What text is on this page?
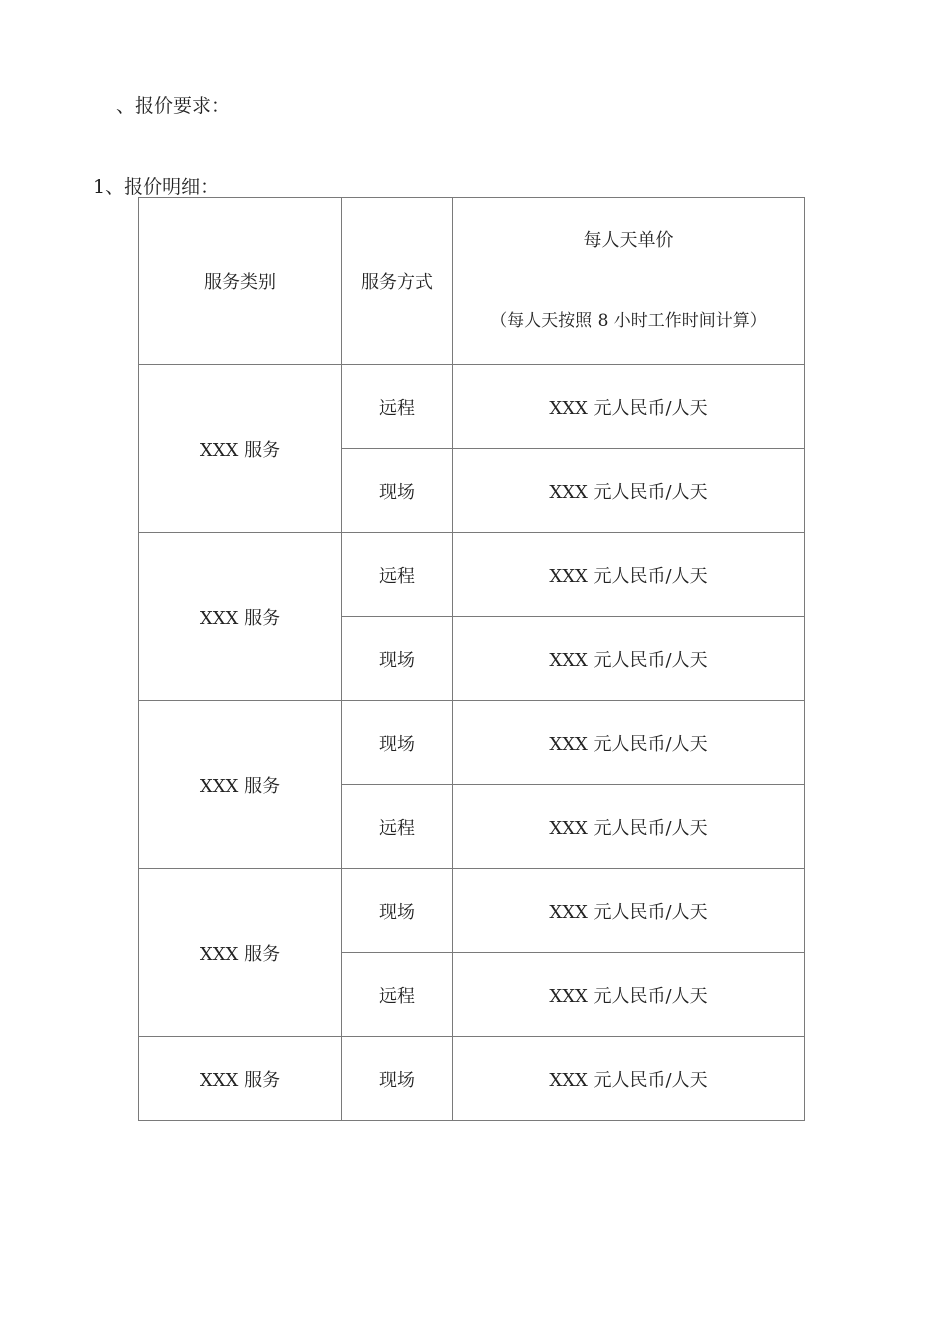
、报价要求：
1、报价明细：
服务类别	服务方式	每人天单价
（每人天按照 8 小时工作时间计算）

XXX 服务	远程	XXX 元人民币/人天
	现场	XXX 元人民币/人天
XXX 服务	远程	XXX 元人民币/人天
	现场	XXX 元人民币/人天
XXX 服务	现场	XXX 元人民币/人天
	远程	XXX 元人民币/人天
XXX 服务	现场	XXX 元人民币/人天
	远程	XXX 元人民币/人天
XXX 服务	现场	XXX 元人民币/人天
